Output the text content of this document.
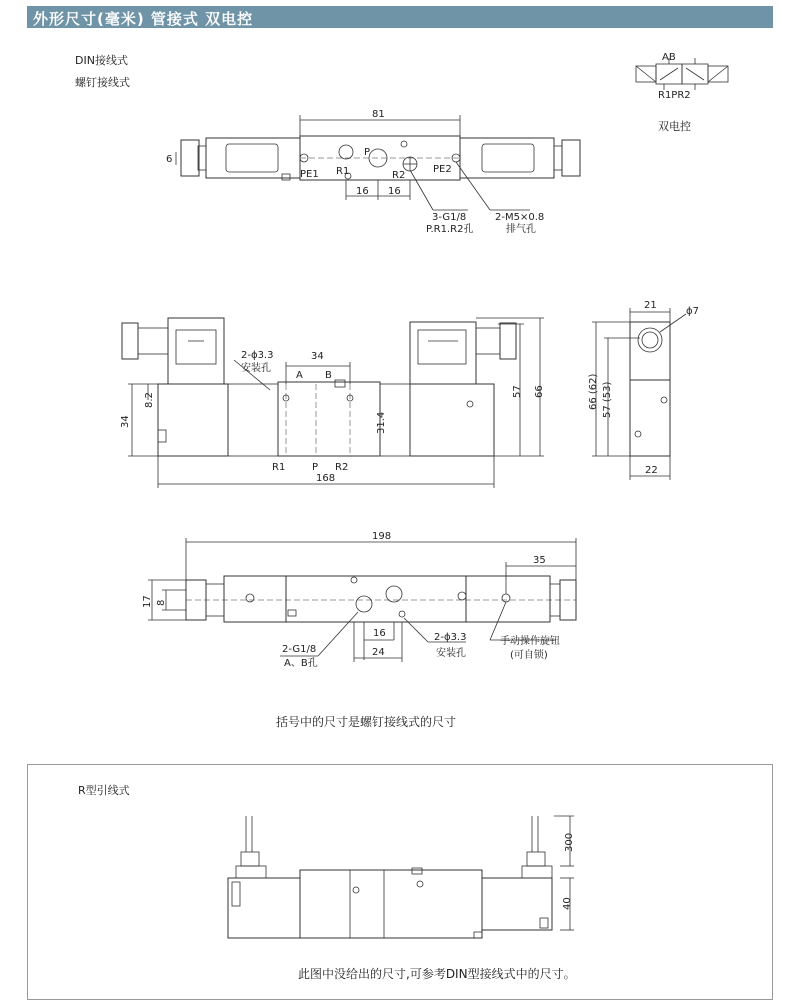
外形尺寸(毫米) 管接式 双电控
DIN接线式
螺钉接线式
双电控
括号中的尺寸是螺钉接线式的尺寸
R型引线式
此图中没给出的尺寸,可参考DIN型接线式中的尺寸。
AB
R1PR2
81
6
PE1	PE2
R1
P
R2
16 16
3-G1/8
P.R1.R2孔
2-M5×0.8
排气孔
2-ϕ3.3
安装孔
34
A B
8.2
34	31.4
R1	P R2
168
57 66
21
ϕ7
66 (62) 57 (53)
22
198
35
17 8
16
24
2-G1/8
A、B孔
2-ϕ3.3
安装孔
手动操作旋钮
(可自锁)
300
40
